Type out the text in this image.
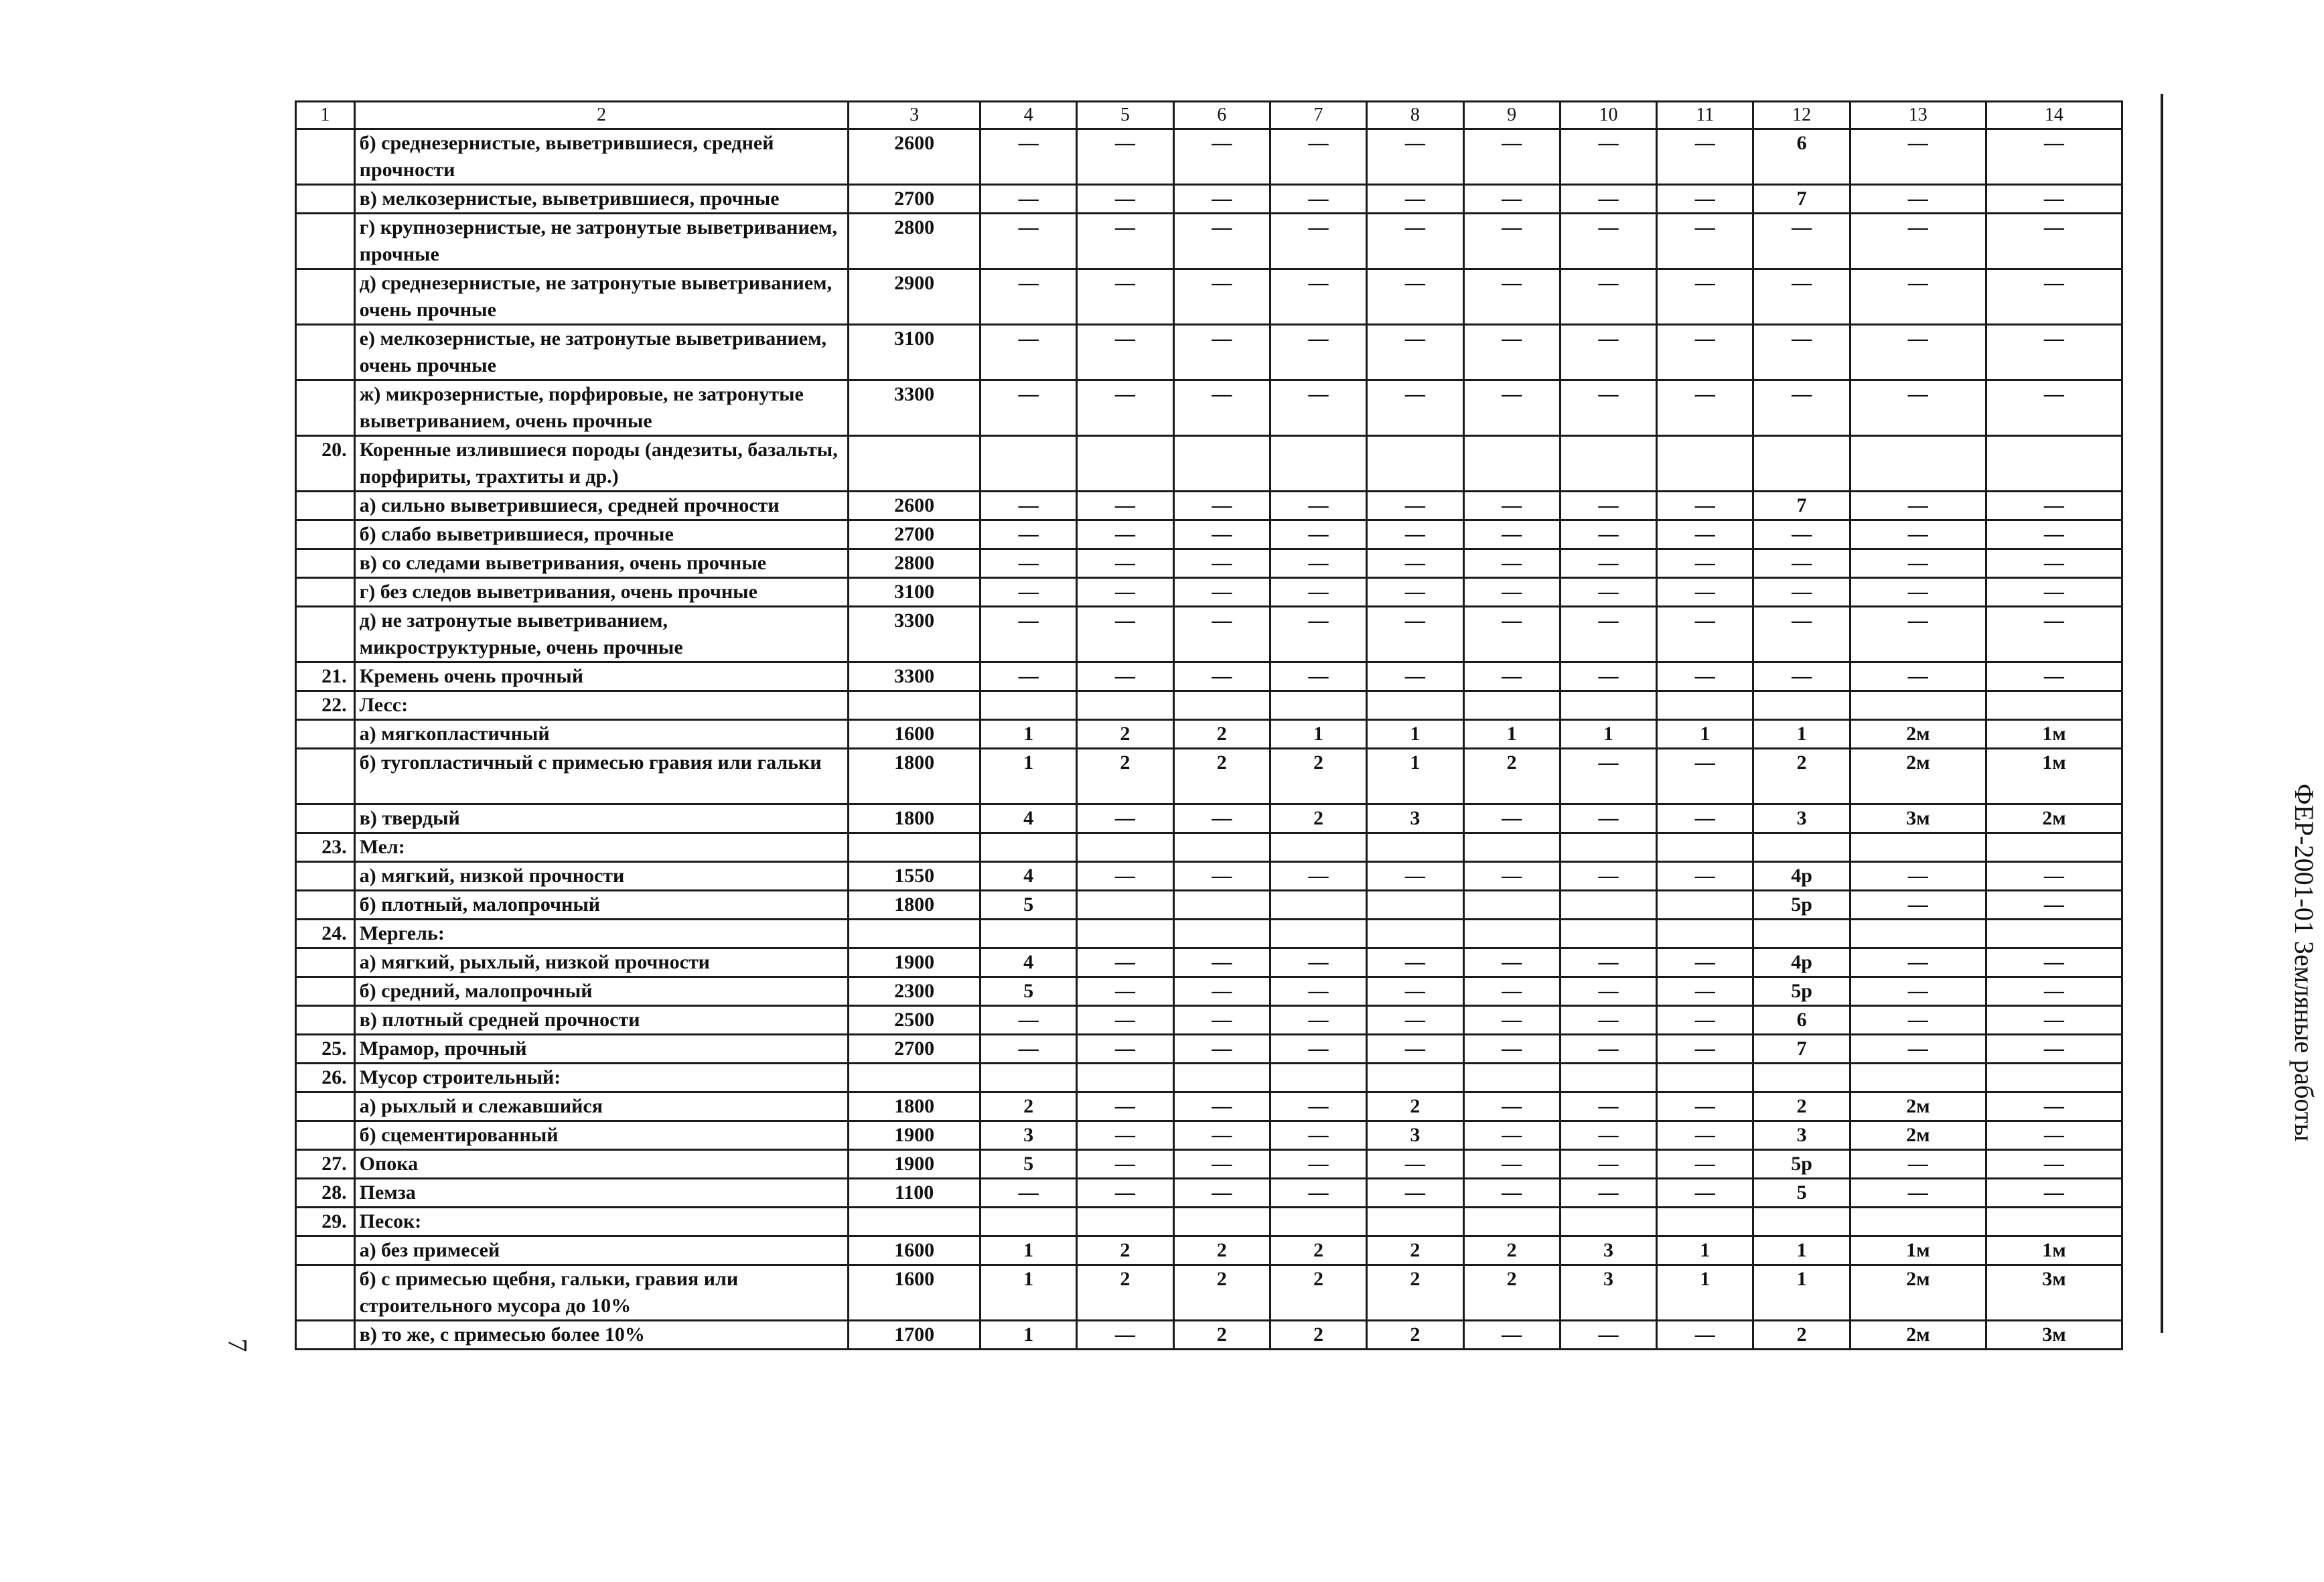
1	2	3	4	5	6	7	8	9	10	11	12	13	14
	б) среднезернистые, выветрившиеся, средней прочности	2600	—	—	—	—	—	—	—	—	6	—	—
	в) мелкозернистые, выветрившиеся, прочные	2700	—	—	—	—	—	—	—	—	7	—	—
	г) крупнозернистые, не затронутые выветриванием, прочные	2800	—	—	—	—	—	—	—	—	—	—	—
	д) среднезернистые, не затронутые выветриванием, очень прочные	2900	—	—	—	—	—	—	—	—	—	—	—
	е) мелкозернистые, не затронутые выветриванием, очень прочные	3100	—	—	—	—	—	—	—	—	—	—	—
	ж) микрозернистые, порфировые, не затронутые выветриванием, очень прочные	3300	—	—	—	—	—	—	—	—	—	—	—
20.	Коренные излившиеся породы (андезиты, базальты, порфириты, трахтиты и др.)												
	а) сильно выветрившиеся, средней прочности	2600	—	—	—	—	—	—	—	—	7	—	—
	б) слабо выветрившиеся, прочные	2700	—	—	—	—	—	—	—	—	—	—	—
	в) со следами выветривания, очень прочные	2800	—	—	—	—	—	—	—	—	—	—	—
	г) без следов выветривания, очень прочные	3100	—	—	—	—	—	—	—	—	—	—	—
	д) не затронутые выветриванием, микроструктурные, очень прочные	3300	—	—	—	—	—	—	—	—	—	—	—
21.	Кремень очень прочный	3300	—	—	—	—	—	—	—	—	—	—	—
22.	Лесс:												
	а) мягкопластичный	1600	1	2	2	1	1	1	1	1	1	2м	1м
	б) тугопластичный с примесью гравия или гальки	1800	1	2	2	2	1	2	—	—	2	2м	1м
	в) твердый	1800	4	—	—	2	3	—	—	—	3	3м	2м
23.	Мел:												
	а) мягкий, низкой прочности	1550	4	—	—	—	—	—	—	—	4р	—	—
	б) плотный, малопрочный	1800	5								5р	—	—
24.	Мергель:												
	а) мягкий, рыхлый, низкой прочности	1900	4	—	—	—	—	—	—	—	4р	—	—
	б) средний, малопрочный	2300	5	—	—	—	—	—	—	—	5р	—	—
	в) плотный средней прочности	2500	—	—	—	—	—	—	—	—	6	—	—
25.	Мрамор, прочный	2700	—	—	—	—	—	—	—	—	7	—	—
26.	Мусор строительный:												
	а) рыхлый и слежавшийся	1800	2	—	—	—	2	—	—	—	2	2м	—
	б) сцементированный	1900	3	—	—	—	3	—	—	—	3	2м	—
27.	Опока	1900	5	—	—	—	—	—	—	—	5р	—	—
28.	Пемза	1100	—	—	—	—	—	—	—	—	5	—	—
29.	Песок:												
	а) без примесей	1600	1	2	2	2	2	2	3	1	1	1м	1м
	б) с примесью щебня, гальки, гравия или строительного мусора до 10%	1600	1	2	2	2	2	2	3	1	1	2м	3м
	в) то же, с примесью более 10%	1700	1	—	2	2	2	—	—	—	2	2м	3м
ФЕР-2001-01 Земляные работы
7
